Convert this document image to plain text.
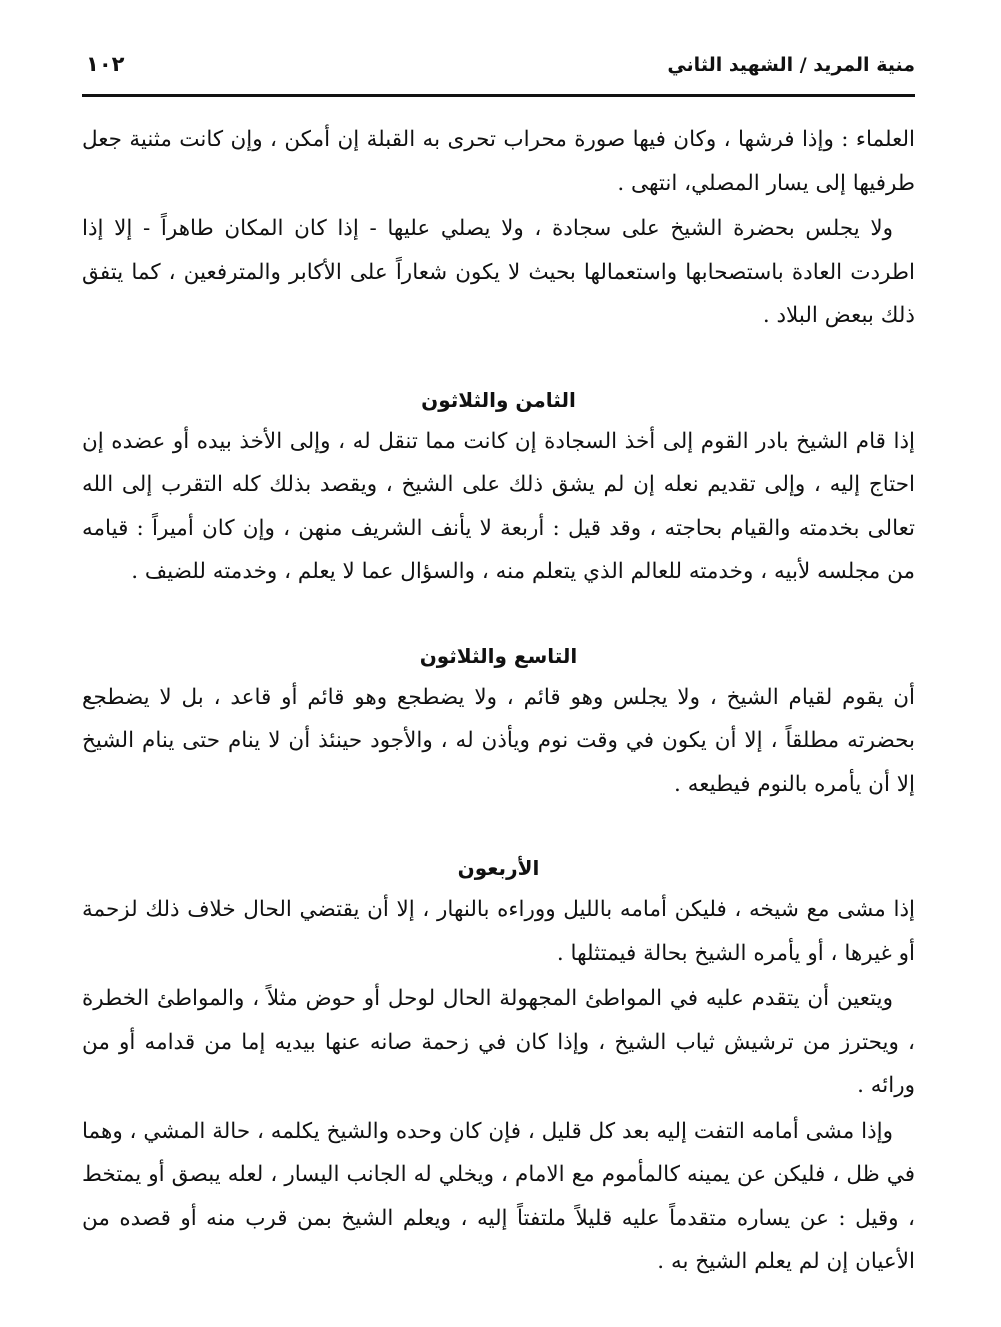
منية المريد / الشهيد الثاني
١٠٢

العلماء : وإذا فرشها ، وكان فيها صورة محراب تحرى به القبلة إن أمكن ، وإن كانت مثنية جعل طرفيها إلى يسار المصلي، انتهى .

ولا يجلس بحضرة الشيخ على سجادة ، ولا يصلي عليها - إذا كان المكان طاهراً - إلا إذا اطردت العادة باستصحابها واستعمالها بحيث لا يكون شعاراً على الأكابر والمترفعين ، كما يتفق ذلك ببعض البلاد .

الثامن والثلاثون

إذا قام الشيخ بادر القوم إلى أخذ السجادة إن كانت مما تنقل له ، وإلى الأخذ بيده أو عضده إن احتاج إليه ، وإلى تقديم نعله إن لم يشق ذلك على الشيخ ، ويقصد بذلك كله التقرب إلى الله تعالى بخدمته والقيام بحاجته ، وقد قيل : أربعة لا يأنف الشريف منهن ، وإن كان أميراً : قيامه من مجلسه لأبيه ، وخدمته للعالم الذي يتعلم منه ، والسؤال عما لا يعلم ، وخدمته للضيف .

التاسع والثلاثون

أن يقوم لقيام الشيخ ، ولا يجلس وهو قائم ، ولا يضطجع وهو قائم أو قاعد ، بل لا يضطجع بحضرته مطلقاً ، إلا أن يكون في وقت نوم ويأذن له ، والأجود حينئذ أن لا ينام حتى ينام الشيخ إلا أن يأمره بالنوم فيطيعه .

الأربعون

إذا مشى مع شيخه ، فليكن أمامه بالليل ووراءه بالنهار ، إلا أن يقتضي الحال خلاف ذلك لزحمة أو غيرها ، أو يأمره الشيخ بحالة فيمتثلها .

ويتعين أن يتقدم عليه في المواطئ المجهولة الحال لوحل أو حوض مثلاً ، والمواطئ الخطرة ، ويحترز من ترشيش ثياب الشيخ ، وإذا كان في زحمة صانه عنها بيديه إما من قدامه أو من ورائه .

وإذا مشى أمامه التفت إليه بعد كل قليل ، فإن كان وحده والشيخ يكلمه ، حالة المشي ، وهما في ظل ، فليكن عن يمينه كالمأموم مع الامام ، ويخلي له الجانب اليسار ، لعله يبصق أو يمتخط ، وقيل : عن يساره متقدماً عليه قليلاً ملتفتاً إليه ، ويعلم الشيخ بمن قرب منه أو قصده من الأعيان إن لم يعلم الشيخ به .
